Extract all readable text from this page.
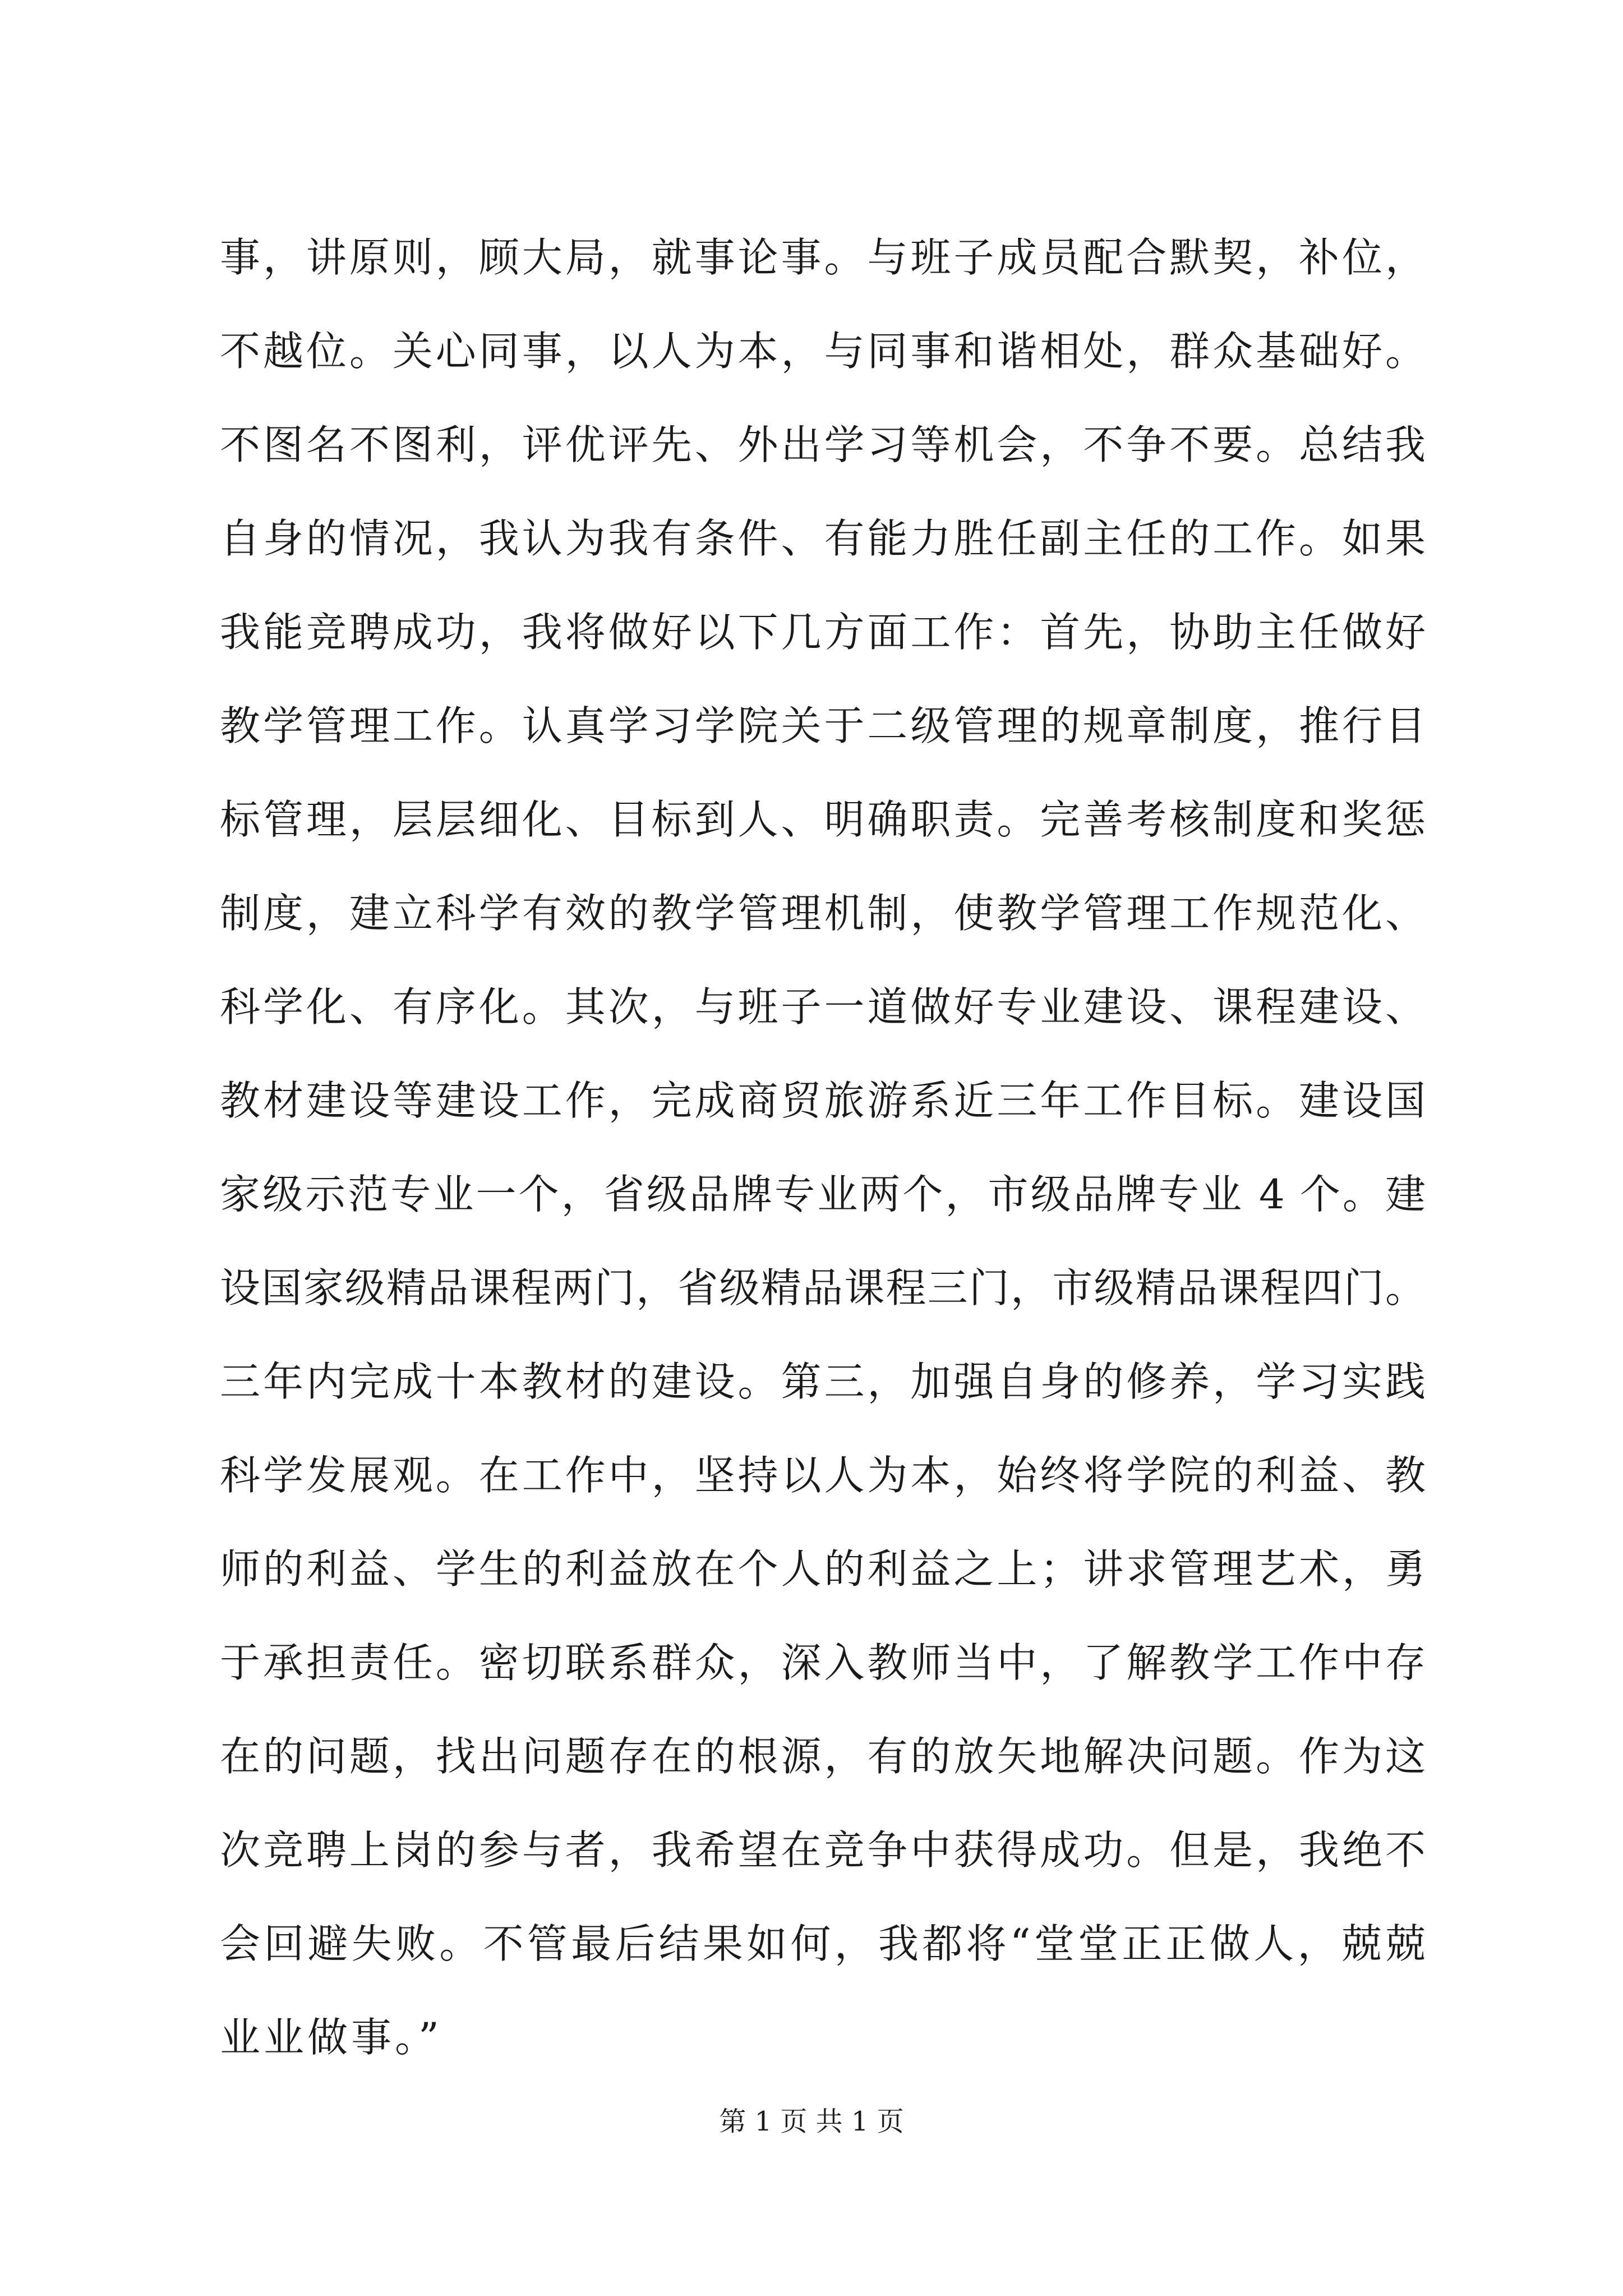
事，讲原则，顾大局，就事论事。与班子成员配合默契，补位，
不越位。关心同事，以人为本，与同事和谐相处，群众基础好。
不图名不图利，评优评先、外出学习等机会，不争不要。总结我
自身的情况，我认为我有条件、有能力胜任副主任的工作。如果
我能竞聘成功，我将做好以下几方面工作：首先，协助主任做好
教学管理工作。认真学习学院关于二级管理的规章制度，推行目
标管理，层层细化、目标到人、明确职责。完善考核制度和奖惩
制度，建立科学有效的教学管理机制，使教学管理工作规范化、
科学化、有序化。其次，与班子一道做好专业建设、课程建设、
教材建设等建设工作，完成商贸旅游系近三年工作目标。建设国
家级示范专业一个，省级品牌专业两个，市级品牌专业 4 个。建
设国家级精品课程两门，省级精品课程三门，市级精品课程四门。
三年内完成十本教材的建设。第三，加强自身的修养，学习实践
科学发展观。在工作中，坚持以人为本，始终将学院的利益、教
师的利益、学生的利益放在个人的利益之上；讲求管理艺术，勇
于承担责任。密切联系群众，深入教师当中，了解教学工作中存
在的问题，找出问题存在的根源，有的放矢地解决问题。作为这
次竞聘上岗的参与者，我希望在竞争中获得成功。但是，我绝不
会回避失败。不管最后结果如何，我都将“堂堂正正做人，兢兢
业业做事。”
第 1 页 共 1 页
